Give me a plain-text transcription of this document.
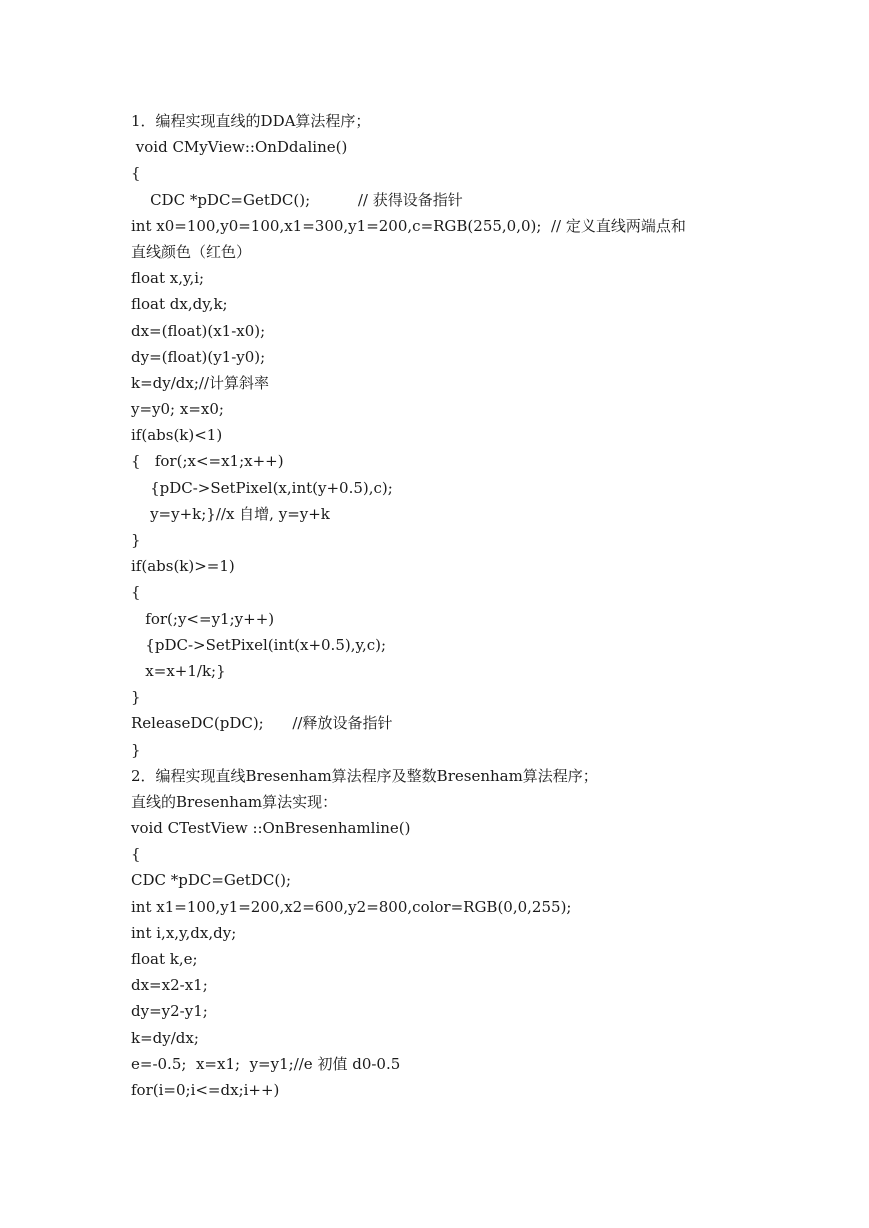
1．编程实现直线的DDA算法程序；
void CMyView::OnDdaline()
{
CDC *pDC=GetDC();          // 获得设备指针
int x0=100,y0=100,x1=300,y1=200,c=RGB(255,0,0);  // 定义直线两端点和
直线颜色（红色）
float x,y,i;
float dx,dy,k;
dx=(float)(x1-x0);
dy=(float)(y1-y0);
k=dy/dx;//计算斜率
y=y0; x=x0;
if(abs(k)<1)
{   for(;x<=x1;x++)
{pDC->SetPixel(x,int(y+0.5),c);
y=y+k;}//x 自增, y=y+k
}
if(abs(k)>=1)
{
for(;y<=y1;y++)
{pDC->SetPixel(int(x+0.5),y,c);
x=x+1/k;}
}
ReleaseDC(pDC);      //释放设备指针
}
2．编程实现直线Bresenham算法程序及整数Bresenham算法程序；
直线的Bresenham算法实现：
void CTestView ::OnBresenhamline()
{
CDC *pDC=GetDC();
int x1=100,y1=200,x2=600,y2=800,color=RGB(0,0,255);
int i,x,y,dx,dy;
float k,e;
dx=x2-x1;
dy=y2-y1;
k=dy/dx;
e=-0.5;  x=x1;  y=y1;//e 初值 d0-0.5
for(i=0;i<=dx;i++)
